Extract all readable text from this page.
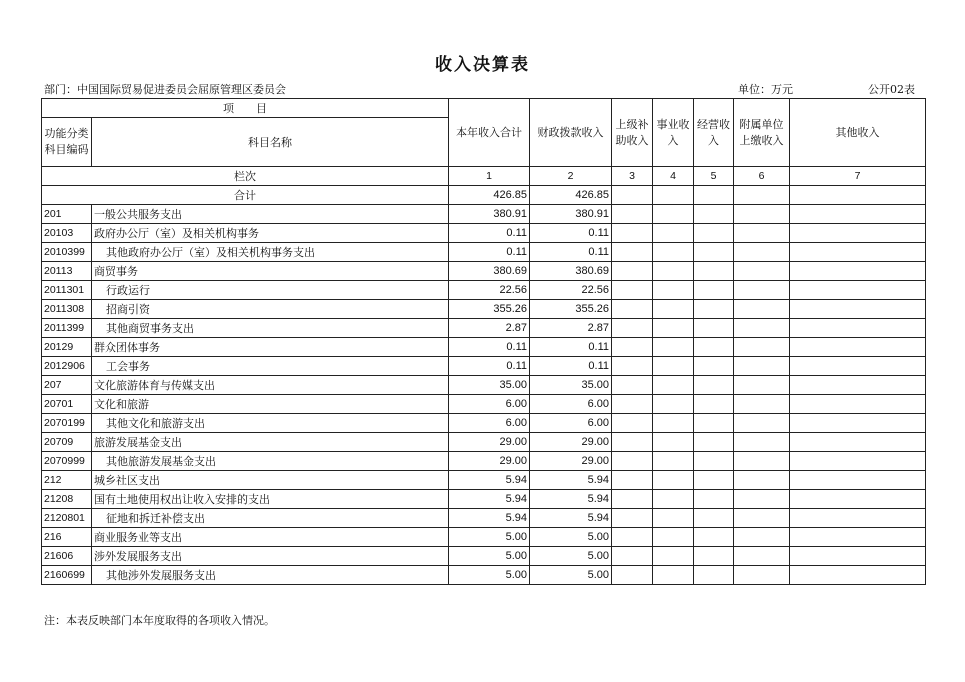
收入决算表
部门：中国国际贸易促进委员会屈原管理区委员会	单位：万元	公开02表
项　　目		本年收入合计	财政拨款收入	上级补助收入	事业收入	经营收入	附属单位上缴收入	其他收入
功能分类科目编码	科目名称							
栏次		1	2	3	4	5	6	7
合计		426.85	426.85					
201	一般公共服务支出	380.91	380.91					
20103	政府办公厅（室）及相关机构事务	0.11	0.11					
2010399	其他政府办公厅（室）及相关机构事务支出	0.11	0.11					
20113	商贸事务	380.69	380.69					
2011301	行政运行	22.56	22.56					
2011308	招商引资	355.26	355.26					
2011399	其他商贸事务支出	2.87	2.87					
20129	群众团体事务	0.11	0.11					
2012906	工会事务	0.11	0.11					
207	文化旅游体育与传媒支出	35.00	35.00					
20701	文化和旅游	6.00	6.00					
2070199	其他文化和旅游支出	6.00	6.00					
20709	旅游发展基金支出	29.00	29.00					
2070999	其他旅游发展基金支出	29.00	29.00					
212	城乡社区支出	5.94	5.94					
21208	国有土地使用权出让收入安排的支出	5.94	5.94					
2120801	征地和拆迁补偿支出	5.94	5.94					
216	商业服务业等支出	5.00	5.00					
21606	涉外发展服务支出	5.00	5.00					
2160699	其他涉外发展服务支出	5.00	5.00					
注：本表反映部门本年度取得的各项收入情况。
